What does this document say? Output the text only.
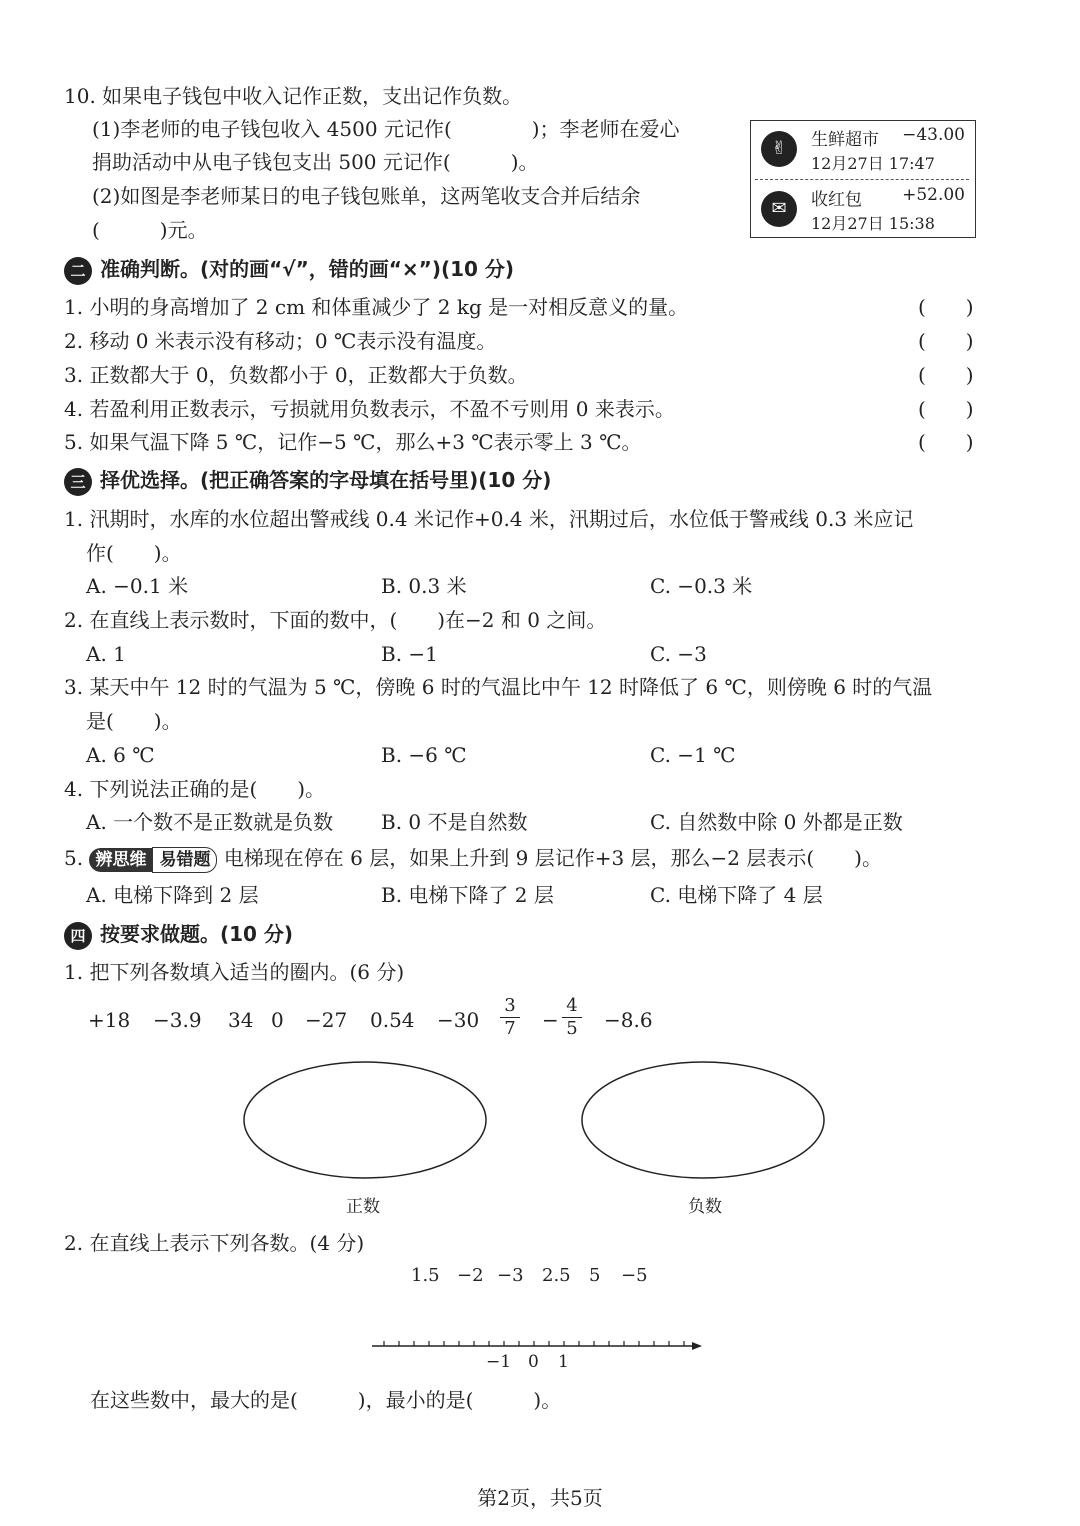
10. 如果电子钱包中收入记作正数，支出记作负数。
(1)李老师的电子钱包收入 4500 元记作(　　　　)；李老师在爱心
捐助活动中从电子钱包支出 500 元记作(　　　)。
(2)如图是李老师某日的电子钱包账单，这两笔收支合并后结余
(　　　)元。
✌	生鲜超市 −43.00
12月27日 17:47
✉	收红包 +52.00
12月27日 15:38
二 准确判断。(对的画“√”，错的画“×”)(10 分)
1. 小明的身高增加了 2 cm 和体重减少了 2 kg 是一对相反意义的量。	(　　)
2. 移动 0 米表示没有移动；0 ℃表示没有温度。	(　　)
3. 正数都大于 0，负数都小于 0，正数都大于负数。	(　　)
4. 若盈利用正数表示，亏损就用负数表示，不盈不亏则用 0 来表示。	(　　)
5. 如果气温下降 5 ℃，记作−5 ℃，那么+3 ℃表示零上 3 ℃。	(　　)
三 择优选择。(把正确答案的字母填在括号里)(10 分)
1. 汛期时，水库的水位超出警戒线 0.4 米记作+0.4 米，汛期过后，水位低于警戒线 0.3 米应记
作(　　)。
A. −0.1 米	B. 0.3 米	C. −0.3 米
2. 在直线上表示数时，下面的数中，(　　)在−2 和 0 之间。
A. 1	B. −1	C. −3
3. 某天中午 12 时的气温为 5 ℃，傍晚 6 时的气温比中午 12 时降低了 6 ℃，则傍晚 6 时的气温
是(　　)。
A. 6 ℃	B. −6 ℃	C. −1 ℃
4. 下列说法正确的是(　　)。
A. 一个数不是正数就是负数 B. 0 不是自然数	C. 自然数中除 0 外都是正数
5. 辨思维 易错题 电梯现在停在 6 层，如果上升到 9 层记作+3 层，那么−2 层表示(　　)。
A. 电梯下降到 2 层	B. 电梯下降了 2 层	C. 电梯下降了 4 层
四 按要求做题。(10 分)
1. 把下列各数填入适当的圈内。(6 分)
+18 −3.9 34 0 −27 0.54 −30
3
7 −
4
5 −8.6
正数	负数
2. 在直线上表示下列各数。(4 分)
1.5 −2 −3 2.5 5 −5
−1 0 1
在这些数中，最大的是(　　　)，最小的是(　　　)。
第2页，共5页
